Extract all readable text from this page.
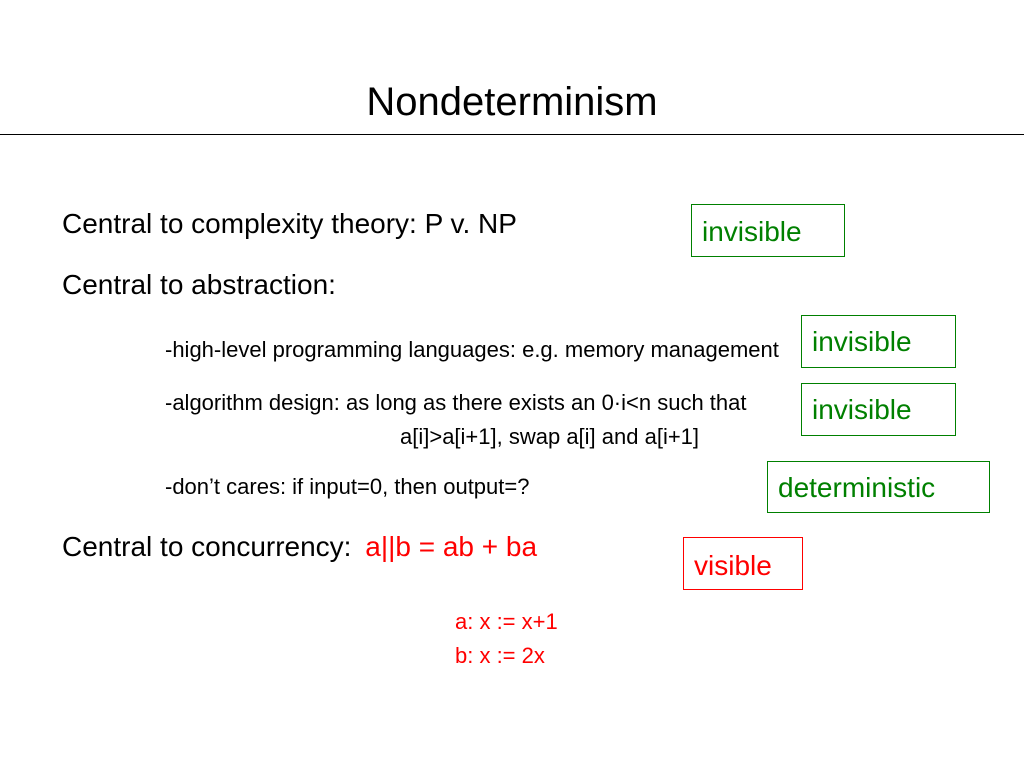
Nondeterminism
Central to complexity theory: P v. NP
Central to abstraction:
-high-level programming languages: e.g. memory management
-algorithm design: as long as there exists an 0·i<n such that
a[i]>a[i+1], swap a[i] and a[i+1]
-don’t cares: if input=0, then output=?
Central to concurrency: a||b = ab + ba
a: x := x+1
b: x := 2x
invisible
invisible
invisible
deterministic
visible
